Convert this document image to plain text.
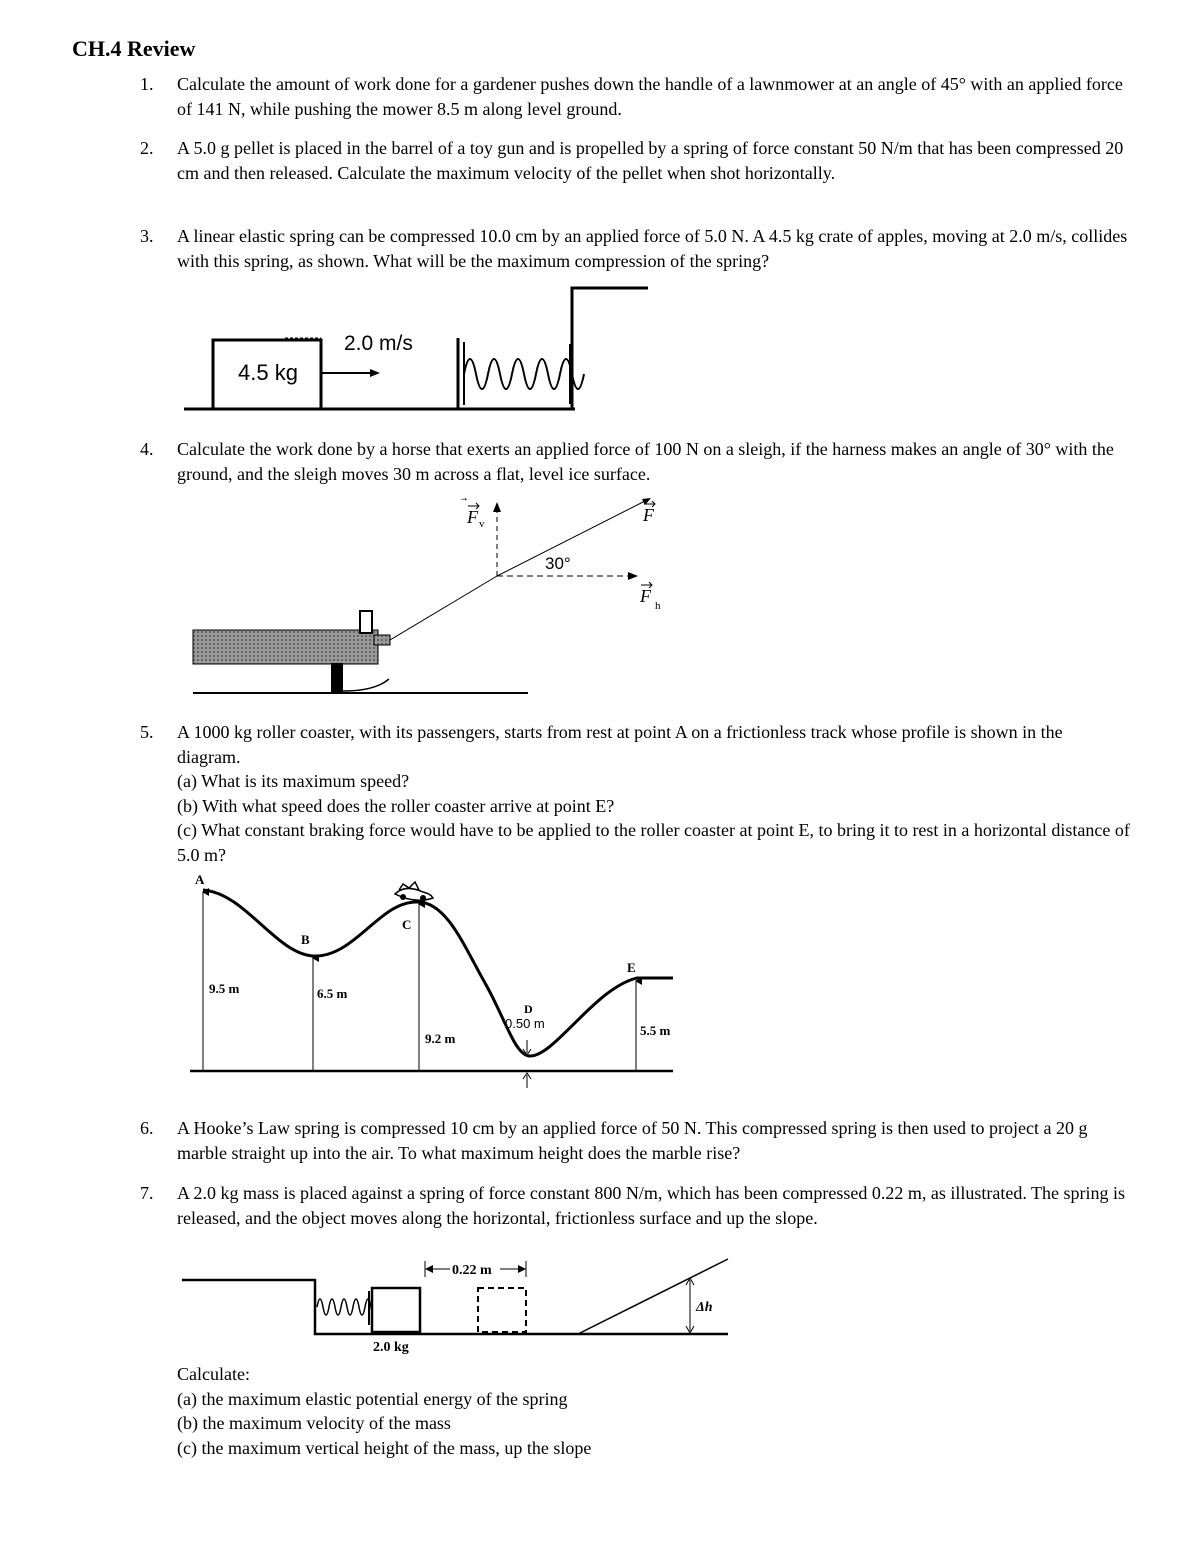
CH.4 Review
1. Calculate the amount of work done for a gardener pushes down the handle of a lawnmower at an angle of 45° with an applied force of 141 N, while pushing the mower 8.5 m along level ground.
2. A 5.0 g pellet is placed in the barrel of a toy gun and is propelled by a spring of force constant 50 N/m that has been compressed 20 cm and then released. Calculate the maximum velocity of the pellet when shot horizontally.
3. A linear elastic spring can be compressed 10.0 cm by an applied force of 5.0 N. A 4.5 kg crate of apples, moving at 2.0 m/s, collides with this spring, as shown. What will be the maximum compression of the spring?
4.5 kg
2.0 m/s
4. Calculate the work done by a horse that exerts an applied force of 100 N on a sleigh, if the harness makes an angle of 30° with the ground, and the sleigh moves 30 m across a flat, level ice surface.
F v	F
F h
30°
5. A 1000 kg roller coaster, with its passengers, starts from rest at point A on a frictionless track whose profile is shown in the diagram.
(a) What is its maximum speed?
(b) With what speed does the roller coaster arrive at point E?
(c) What constant braking force would have to be applied to the roller coaster at point E, to bring it to rest in a horizontal distance of 5.0 m?
A
B
C
D
E
9.5 m	6.5 m
9.2 m
0.50 m	5.5 m
6. A Hooke’s Law spring is compressed 10 cm by an applied force of 50 N. This compressed spring is then used to project a 20 g marble straight up into the air. To what maximum height does the marble rise?
7. A 2.0 kg mass is placed against a spring of force constant 800 N/m, which has been compressed 0.22 m, as illustrated. The spring is released, and the object moves along the horizontal, frictionless surface and up the slope.
2.0 kg
0.22 m
Δh
Calculate:
(a) the maximum elastic potential energy of the spring
(b) the maximum velocity of the mass
(c) the maximum vertical height of the mass, up the slope
